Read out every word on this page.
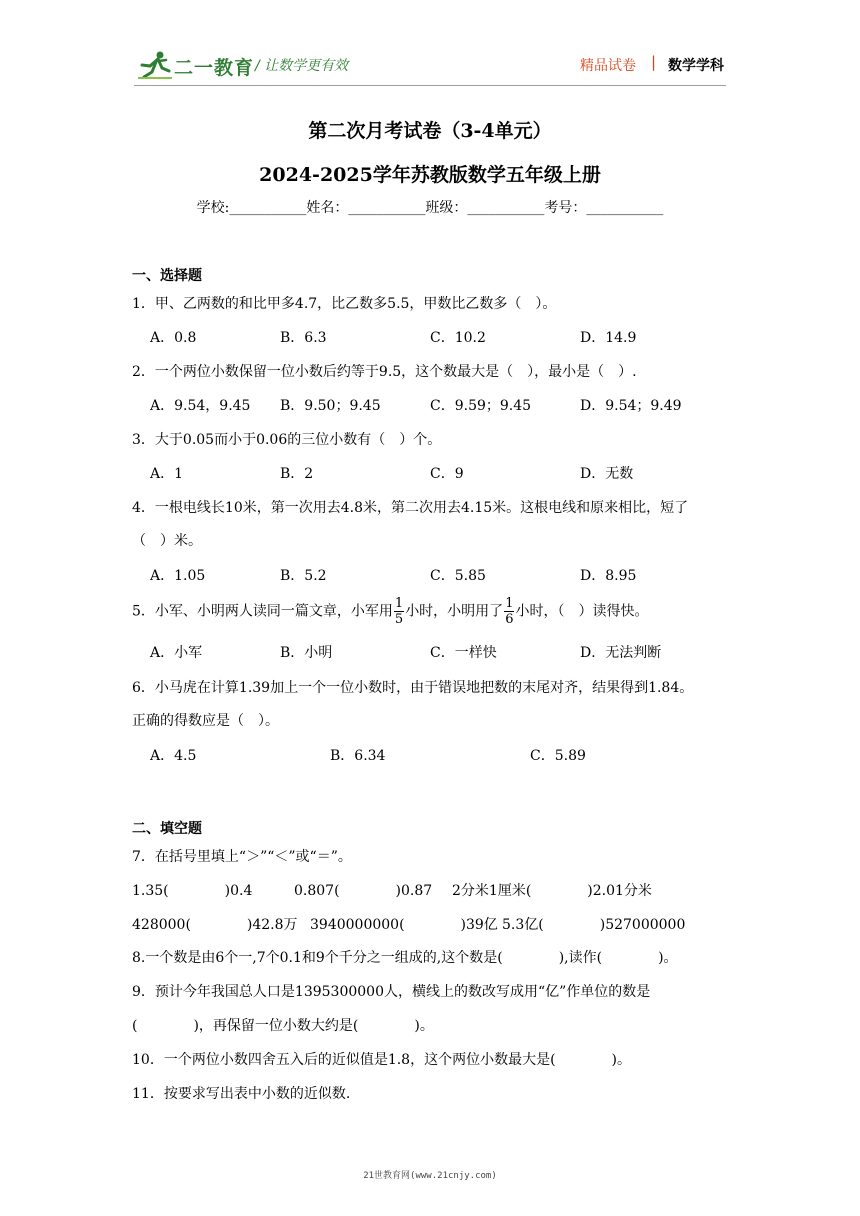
二一教育 / 让数学更有效	精品试卷 | 数学学科
第二次月考试卷（3-4单元）
2024-2025学年苏教版数学五年级上册
学校:___________姓名：___________班级：___________考号：___________
一、选择题
1．甲、乙两数的和比甲多4.7，比乙数多5.5，甲数比乙数多（　）。
A．0.8	B．6.3	C．10.2	D．14.9
2．一个两位小数保留一位小数后约等于9.5，这个数最大是（　），最小是（　）.
A．9.54，9.45 B．9.50；9.45	C．9.59；9.45	D．9.54；9.49
3．大于0.05而小于0.06的三位小数有（　）个。
A．1	B．2	C．9	D．无数
4．一根电线长10米，第一次用去4.8米，第二次用去4.15米。这根电线和原来相比，短了
（　）米。
A．1.05	B．5.2	C．5.85	D．8.95
5．小军、小明两人读同一篇文章，小军用 $\frac{1}{5}$ 小时，小明用了 $\frac{1}{6}$ 小时，（　）读得快。
A．小军	B．小明	C．一样快	D．无法判断
6．小马虎在计算1.39加上一个一位小数时，由于错误地把数的末尾对齐，结果得到1.84。
正确的得数应是（　）。
A．4.5	B．6.34	C．5.89
二、填空题
7．在括号里填上“＞”“＜”或“＝”。
1.35(　　　　)0.4	0.807(　　　　)0.87 2分米1厘米(　　　　)2.01分米
428000(　　　　)42.8万 3940000000(　　　　)39亿 5.3亿(　　　　)527000000
8.一个数是由6个一,7个0.1和9个千分之一组成的,这个数是(　　　　),读作(　　　　)。
9．预计今年我国总人口是1395300000人，横线上的数改写成用“亿”作单位的数是
(　　　　)，再保留一位小数大约是(　　　　)。
10．一个两位小数四舍五入后的近似值是1.8，这个两位小数最大是(　　　　)。
11．按要求写出表中小数的近似数.
21世教育网(www.21cnjy.com)
